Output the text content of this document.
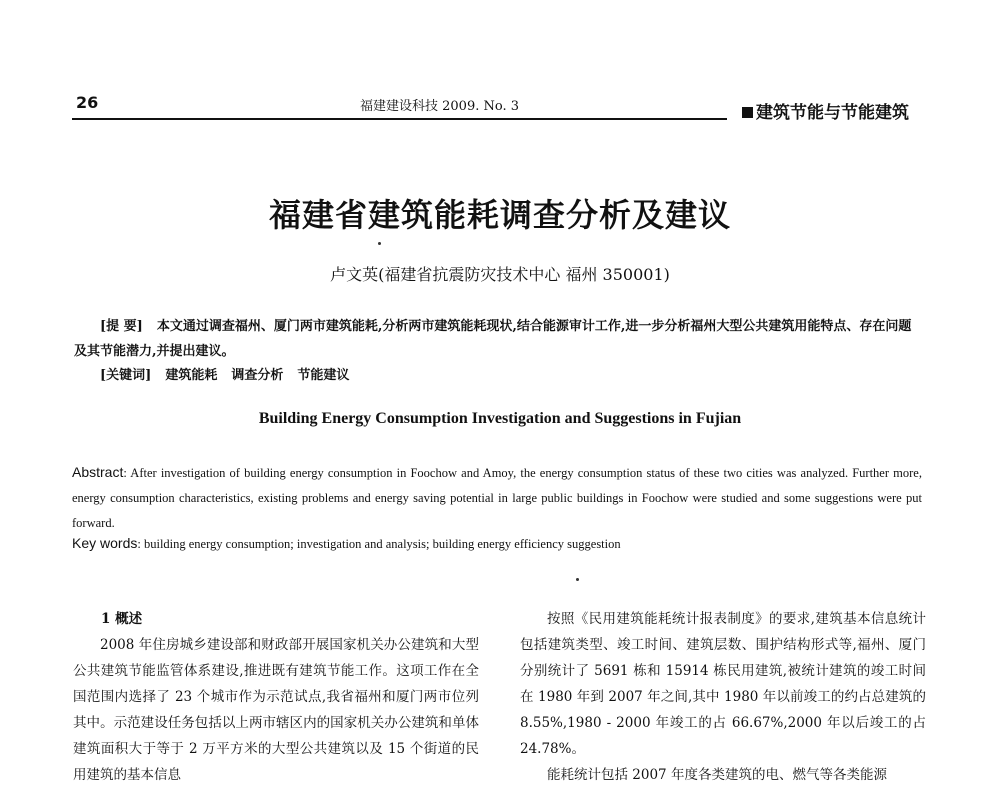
26	福建建设科技 2009. No. 3	建筑节能与节能建筑
福建省建筑能耗调查分析及建议
卢文英(福建省抗震防灾技术中心 福州 350001)
[提 要] 本文通过调查福州、厦门两市建筑能耗,分析两市建筑能耗现状,结合能源审计工作,进一步分析福州大型公共建筑用能特点、存在问题及其节能潜力,并提出建议。
[关键词] 建筑能耗 调查分析 节能建议
Building Energy Consumption Investigation and Suggestions in Fujian
Abstract: After investigation of building energy consumption in Foochow and Amoy, the energy consumption status of these two cities was analyzed. Further more, energy consumption characteristics, existing problems and energy saving potential in large public buildings in Foochow were studied and some suggestions were put forward.
Key words: building energy consumption; investigation and analysis; building energy efficiency suggestion
1 概述
2008 年住房城乡建设部和财政部开展国家机关办公建筑和大型公共建筑节能监管体系建设,推进既有建筑节能工作。这项工作在全国范围内选择了 23 个城市作为示范试点,我省福州和厦门两市位列其中。示范建设任务包括以上两市辖区内的国家机关办公建筑和单体建筑面积大于等于 2 万平方米的大型公共建筑以及 15 个街道的民用建筑的基本信息
按照《民用建筑能耗统计报表制度》的要求,建筑基本信息统计包括建筑类型、竣工时间、建筑层数、围护结构形式等,福州、厦门分别统计了 5691 栋和 15914 栋民用建筑,被统计建筑的竣工时间在 1980 年到 2007 年之间,其中 1980 年以前竣工的约占总建筑的 8.55%,1980 - 2000 年竣工的占 66.67%,2000 年以后竣工的占 24.78%。
能耗统计包括 2007 年度各类建筑的电、燃气等各类能源
